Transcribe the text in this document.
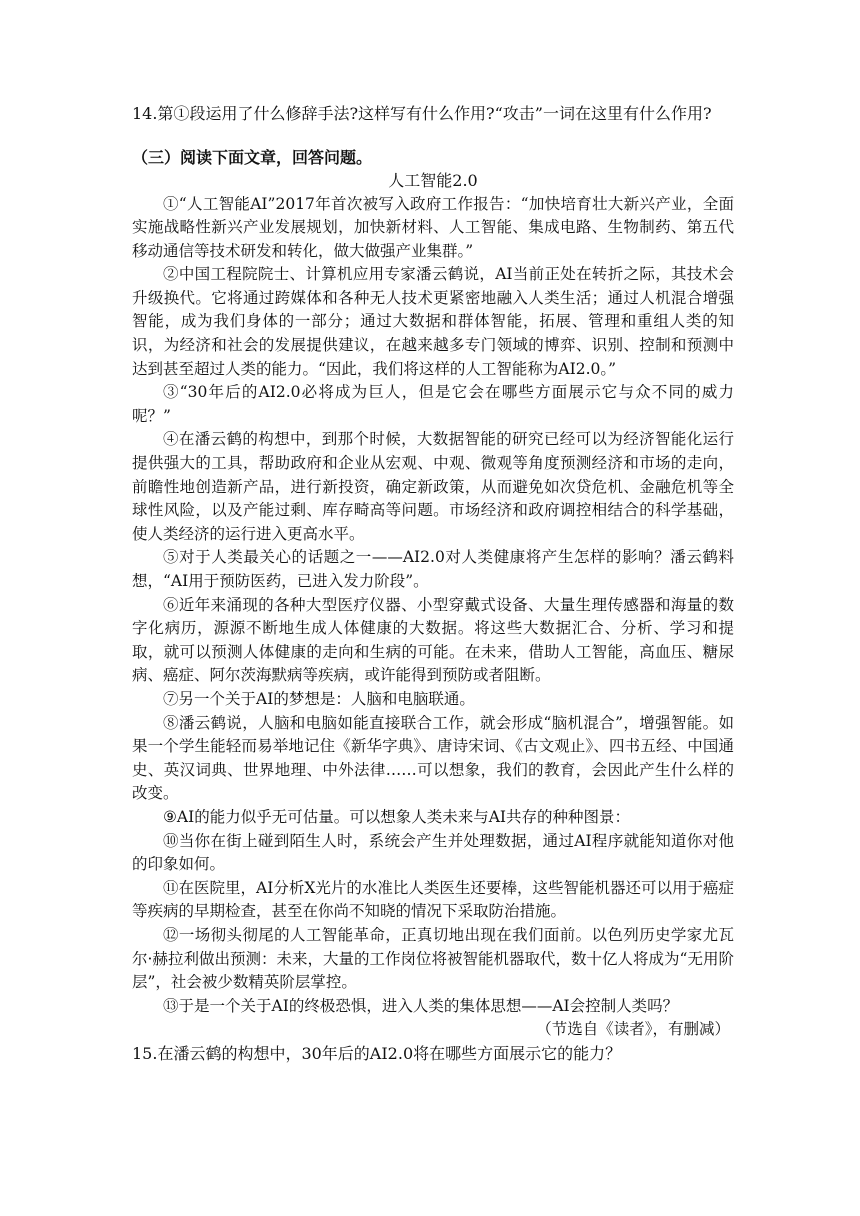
14.第①段运用了什么修辞手法?这样写有什么作用?“攻击”一词在这里有什么作用?

（三）阅读下面文章，回答问题。

人工智能2.0

①“人工智能AI”2017年首次被写入政府工作报告：“加快培育壮大新兴产业，全面实施战略性新兴产业发展规划，加快新材料、人工智能、集成电路、生物制药、第五代移动通信等技术研发和转化，做大做强产业集群。”

②中国工程院院士、计算机应用专家潘云鹤说，AI当前正处在转折之际，其技术会升级换代。它将通过跨媒体和各种无人技术更紧密地融入人类生活；通过人机混合增强智能，成为我们身体的一部分；通过大数据和群体智能，拓展、管理和重组人类的知识，为经济和社会的发展提供建议，在越来越多专门领域的博弈、识别、控制和预测中达到甚至超过人类的能力。“因此，我们将这样的人工智能称为AI2.0。”

③“30年后的AI2.0必将成为巨人，但是它会在哪些方面展示它与众不同的威力呢？”

④在潘云鹤的构想中，到那个时候，大数据智能的研究已经可以为经济智能化运行提供强大的工具，帮助政府和企业从宏观、中观、微观等角度预测经济和市场的走向，前瞻性地创造新产品，进行新投资，确定新政策，从而避免如次贷危机、金融危机等全球性风险，以及产能过剩、库存畸高等问题。市场经济和政府调控相结合的科学基础，使人类经济的运行进入更高水平。

⑤对于人类最关心的话题之一——AI2.0对人类健康将产生怎样的影响？潘云鹤料想，“AI用于预防医药，已进入发力阶段”。

⑥近年来涌现的各种大型医疗仪器、小型穿戴式设备、大量生理传感器和海量的数字化病历，源源不断地生成人体健康的大数据。将这些大数据汇合、分析、学习和提取，就可以预测人体健康的走向和生病的可能。在未来，借助人工智能，高血压、糖尿病、癌症、阿尔茨海默病等疾病，或许能得到预防或者阻断。

⑦另一个关于AI的梦想是：人脑和电脑联通。

⑧潘云鹤说，人脑和电脑如能直接联合工作，就会形成“脑机混合”，增强智能。如果一个学生能轻而易举地记住《新华字典》、唐诗宋词、《古文观止》、四书五经、中国通史、英汉词典、世界地理、中外法律……可以想象，我们的教育，会因此产生什么样的改变。

⑨AI的能力似乎无可估量。可以想象人类未来与AI共存的种种图景：

⑩当你在街上碰到陌生人时，系统会产生并处理数据，通过AI程序就能知道你对他的印象如何。

⑪在医院里，AI分析X光片的水准比人类医生还要棒，这些智能机器还可以用于癌症等疾病的早期检查，甚至在你尚不知晓的情况下采取防治措施。

⑫一场彻头彻尾的人工智能革命，正真切地出现在我们面前。以色列历史学家尤瓦尔·赫拉利做出预测：未来，大量的工作岗位将被智能机器取代，数十亿人将成为“无用阶层”，社会被少数精英阶层掌控。

⑬于是一个关于AI的终极恐惧，进入人类的集体思想——AI会控制人类吗？

（节选自《读者》，有删减）

15.在潘云鹤的构想中，30年后的AI2.0将在哪些方面展示它的能力？
